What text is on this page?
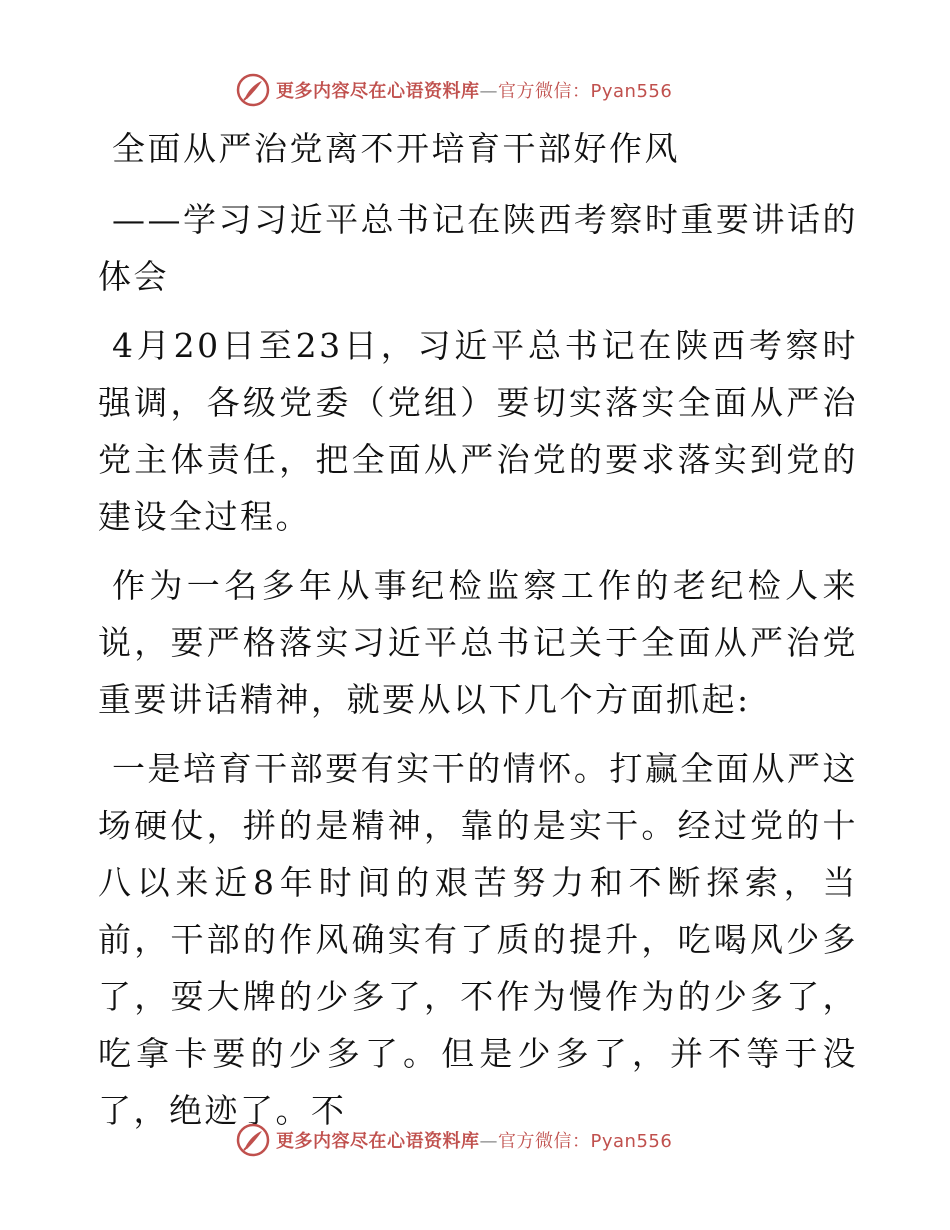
更多内容尽在心语资料库—官方微信：Pyan556

全面从严治党离不开培育干部好作风

——学习习近平总书记在陕西考察时重要讲话的体会

4月20日至23日，习近平总书记在陕西考察时强调，各级党委（党组）要切实落实全面从严治党主体责任，把全面从严治党的要求落实到党的建设全过程。

作为一名多年从事纪检监察工作的老纪检人来说，要严格落实习近平总书记关于全面从严治党重要讲话精神，就要从以下几个方面抓起:

一是培育干部要有实干的情怀。打赢全面从严这场硬仗，拼的是精神，靠的是实干。经过党的十八以来近8年时间的艰苦努力和不断探索，当前，干部的作风确实有了质的提升，吃喝风少多了，耍大牌的少多了，不作为慢作为的少多了，吃拿卡要的少多了。但是少多了，并不等于没了，绝迹了。不

更多内容尽在心语资料库—官方微信：Pyan556
